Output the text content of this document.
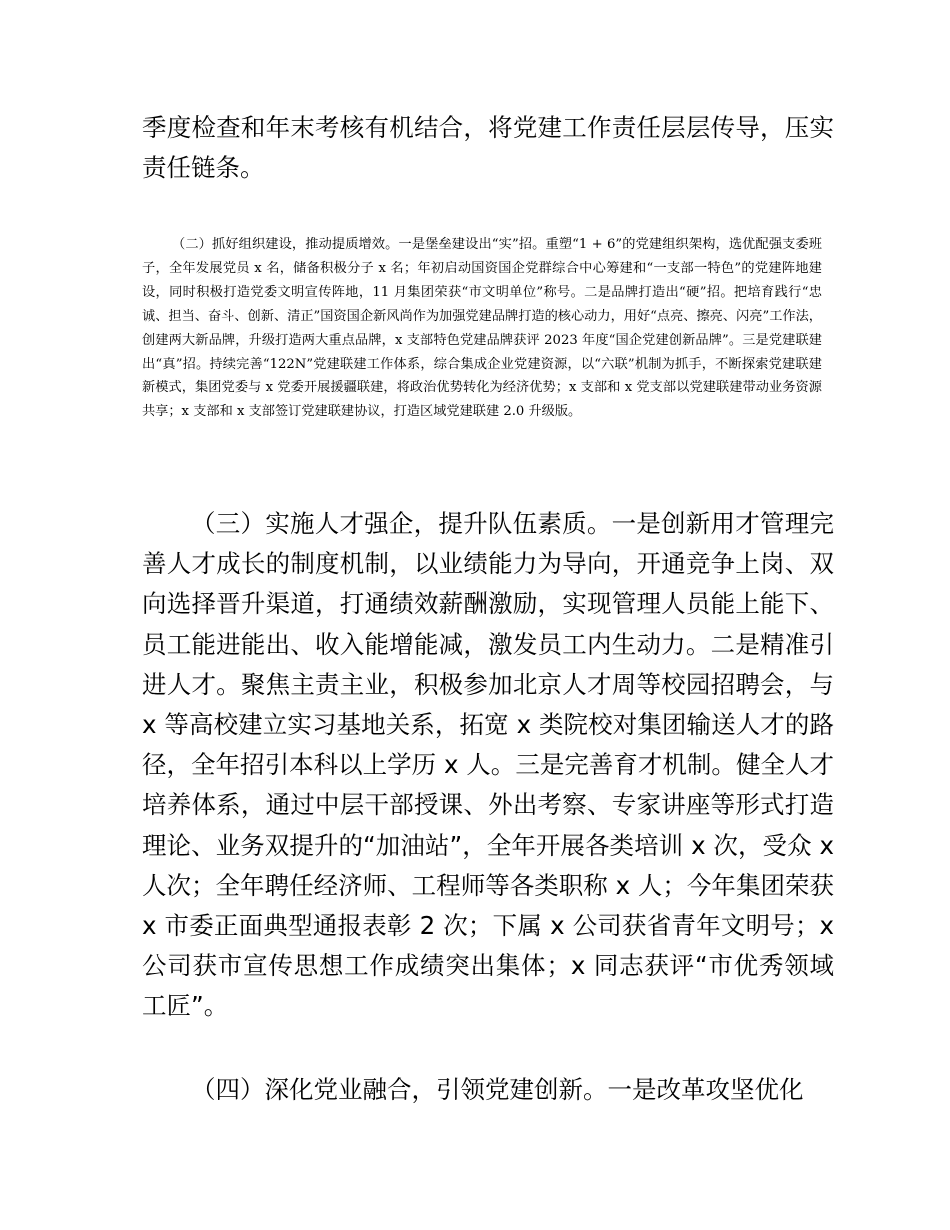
季度检查和年末考核有机结合，将党建工作责任层层传导，压实责任链条。

（二）抓好组织建设，推动提质增效。一是堡垒建设出“实”招。重塑“1 + 6”的党建组织架构，选优配强支委班子，全年发展党员 x 名，储备积极分子 x 名；年初启动国资国企党群综合中心筹建和“一支部一特色”的党建阵地建设，同时积极打造党委文明宣传阵地，11 月集团荣获“市文明单位”称号。二是品牌打造出“硬”招。把培育践行“忠诚、担当、奋斗、创新、清正”国资国企新风尚作为加强党建品牌打造的核心动力，用好“点亮、擦亮、闪亮”工作法，创建两大新品牌，升级打造两大重点品牌，x 支部特色党建品牌获评 2023 年度“国企党建创新品牌”。三是党建联建出“真”招。持续完善“122N”党建联建工作体系，综合集成企业党建资源，以“六联”机制为抓手，不断探索党建联建新模式，集团党委与 x 党委开展援疆联建，将政治优势转化为经济优势；x 支部和 x 党支部以党建联建带动业务资源共享；x 支部和 x 支部签订党建联建协议，打造区域党建联建 2.0 升级版。

（三）实施人才强企，提升队伍素质。一是创新用才管理完善人才成长的制度机制，以业绩能力为导向，开通竞争上岗、双向选择晋升渠道，打通绩效薪酬激励，实现管理人员能上能下、员工能进能出、收入能增能减，激发员工内生动力。二是精准引进人才。聚焦主责主业，积极参加北京人才周等校园招聘会，与 x 等高校建立实习基地关系，拓宽 x 类院校对集团输送人才的路径，全年招引本科以上学历 x 人。三是完善育才机制。健全人才培养体系，通过中层干部授课、外出考察、专家讲座等形式打造理论、业务双提升的“加油站”，全年开展各类培训 x 次，受众 x 人次；全年聘任经济师、工程师等各类职称 x 人；今年集团荣获 x 市委正面典型通报表彰 2 次；下属 x 公司获省青年文明号；x 公司获市宣传思想工作成绩突出集体；x 同志获评“市优秀领域工匠”。

（四）深化党业融合，引领党建创新。一是改革攻坚优化
